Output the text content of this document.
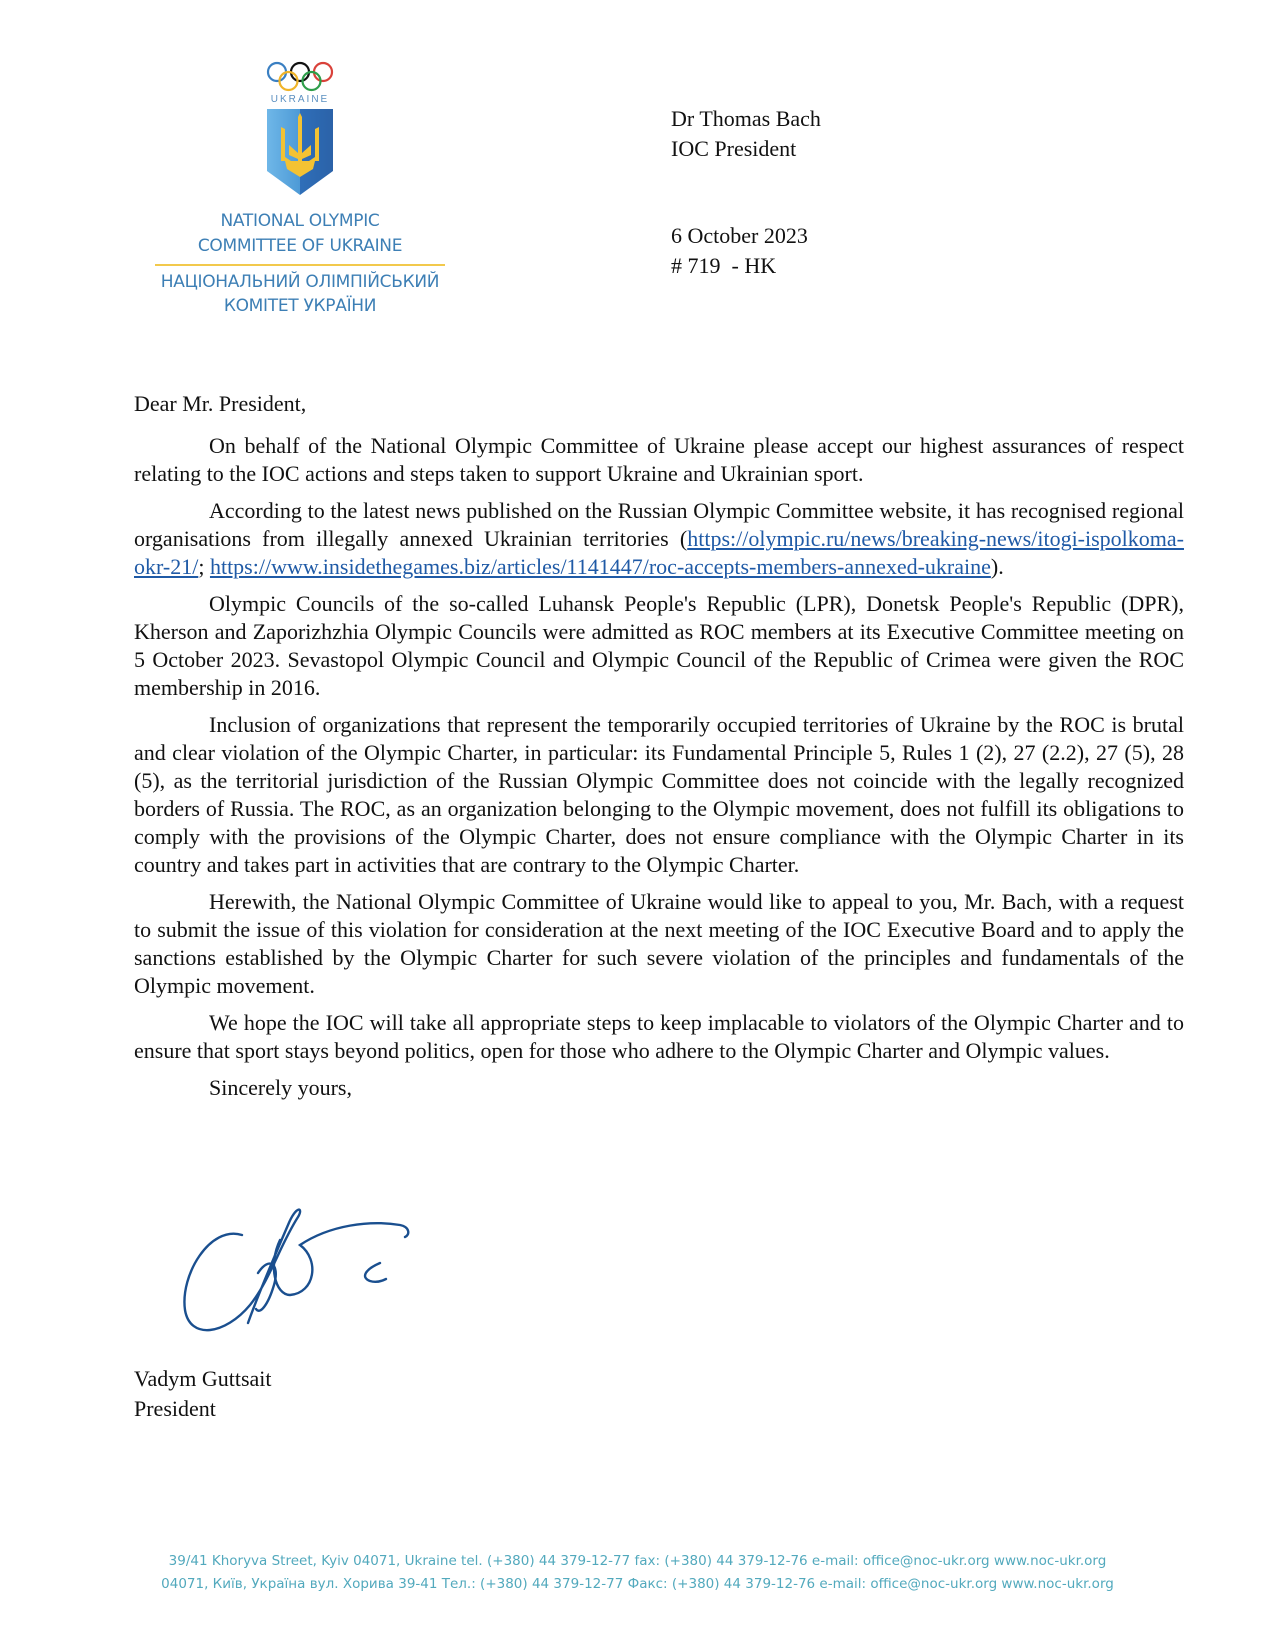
UKRAINE
NATIONAL OLYMPIC
COMMITTEE OF UKRAINE
НАЦІОНАЛЬНИЙ ОЛІМПІЙСЬКИЙ
КОМІТЕТ УКРАЇНИ
Dr Thomas Bach
IOC President
6 October 2023
# 719  - HK

Dear Mr. President,

On behalf of the National Olympic Committee of Ukraine please accept our highest assurances of respect relating to the IOC actions and steps taken to support Ukraine and Ukrainian sport.

According to the latest news published on the Russian Olympic Committee website, it has recognised regional organisations from illegally annexed Ukrainian territories (https://olympic.ru/news/breaking-news/itogi-ispolkoma-okr-21/; https://www.insidethegames.biz/articles/1141447/roc-accepts-members-annexed-ukraine).

Olympic Councils of the so-called Luhansk People's Republic (LPR), Donetsk People's Republic (DPR), Kherson and Zaporizhzhia Olympic Councils were admitted as ROC members at its Executive Committee meeting on 5 October 2023. Sevastopol Olympic Council and Olympic Council of the Republic of Crimea were given the ROC membership in 2016.

Inclusion of organizations that represent the temporarily occupied territories of Ukraine by the ROC is brutal and clear violation of the Olympic Charter, in particular: its Fundamental Principle 5, Rules 1 (2), 27 (2.2), 27 (5), 28 (5), as the territorial jurisdiction of the Russian Olympic Committee does not coincide with the legally recognized borders of Russia. The ROC, as an organization belonging to the Olympic movement, does not fulfill its obligations to comply with the provisions of the Olympic Charter, does not ensure compliance with the Olympic Charter in its country and takes part in activities that are contrary to the Olympic Charter.

Herewith, the National Olympic Committee of Ukraine would like to appeal to you, Mr. Bach, with a request to submit the issue of this violation for consideration at the next meeting of the IOC Executive Board and to apply the sanctions established by the Olympic Charter for such severe violation of the principles and fundamentals of the Olympic movement.

We hope the IOC will take all appropriate steps to keep implacable to violators of the Olympic Charter and to ensure that sport stays beyond politics, open for those who adhere to the Olympic Charter and Olympic values.

Sincerely yours,

Vadym Guttsait
President
39/41 Khoryva Street, Kyiv 04071, Ukraine tel. (+380) 44 379-12-77 fax: (+380) 44 379-12-76 e-mail: office@noc-ukr.org www.noc-ukr.org
04071, Київ, Україна вул. Хорива 39-41 Тел.: (+380) 44 379-12-77 Факс: (+380) 44 379-12-76 e-mail: office@noc-ukr.org www.noc-ukr.org
